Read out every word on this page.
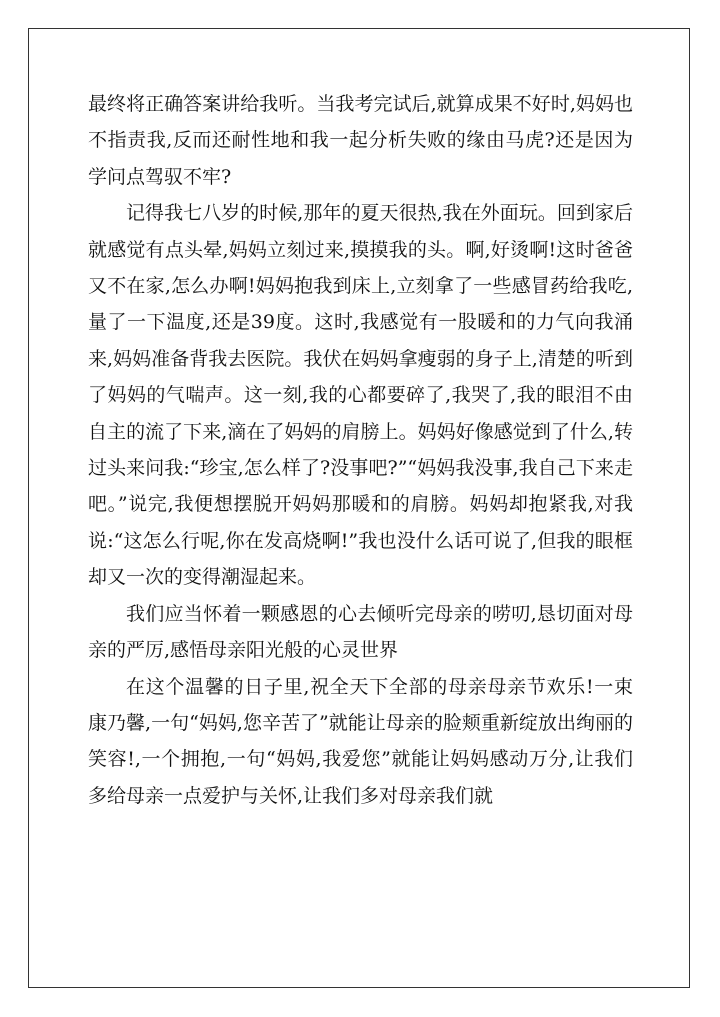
最终将正确答案讲给我听。当我考完试后,就算成果不好时,妈妈也不指责我,反而还耐性地和我一起分析失败的缘由马虎?还是因为学问点驾驭不牢?

记得我七八岁的时候,那年的夏天很热,我在外面玩。回到家后就感觉有点头晕,妈妈立刻过来,摸摸我的头。啊,好烫啊!这时爸爸又不在家,怎么办啊!妈妈抱我到床上,立刻拿了一些感冒药给我吃,量了一下温度,还是39度。这时,我感觉有一股暖和的力气向我涌来,妈妈准备背我去医院。我伏在妈妈拿瘦弱的身子上,清楚的听到了妈妈的气喘声。这一刻,我的心都要碎了,我哭了,我的眼泪不由自主的流了下来,滴在了妈妈的肩膀上。妈妈好像感觉到了什么,转过头来问我:“珍宝,怎么样了?没事吧?”“妈妈我没事,我自己下来走吧。”说完,我便想摆脱开妈妈那暖和的肩膀。妈妈却抱紧我,对我说:“这怎么行呢,你在发高烧啊!”我也没什么话可说了,但我的眼框却又一次的变得潮湿起来。

我们应当怀着一颗感恩的心去倾听完母亲的唠叨,恳切面对母亲的严厉,感悟母亲阳光般的心灵世界

在这个温馨的日子里,祝全天下全部的母亲母亲节欢乐!一束康乃馨,一句“妈妈,您辛苦了”就能让母亲的脸颊重新绽放出绚丽的笑容!,一个拥抱,一句“妈妈,我爱您”就能让妈妈感动万分,让我们多给母亲一点爱护与关怀,让我们多对母亲我们就
